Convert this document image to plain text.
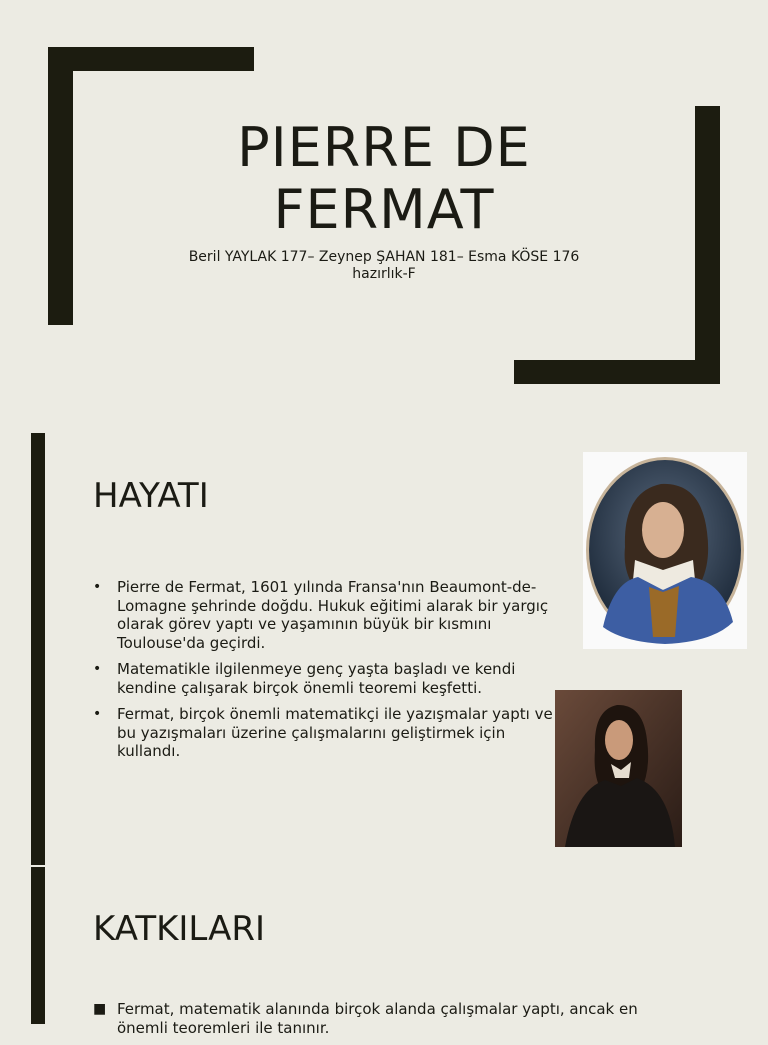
PIERRE DE
FERMAT

Beril YAYLAK 177– Zeynep ŞAHAN 181– Esma KÖSE 176
hazırlık-F

HAYATI
• Pierre de Fermat, 1601 yılında Fransa'nın Beaumont-de-Lomagne şehrinde doğdu. Hukuk eğitimi alarak bir yargıç olarak görev yaptı ve yaşamının büyük bir kısmını Toulouse'da geçirdi.
• Matematikle ilgilenmeye genç yaşta başladı ve kendi kendine çalışarak birçok önemli teoremi keşfetti.
• Fermat, birçok önemli matematikçi ile yazışmalar yaptı ve bu yazışmaları üzerine çalışmalarını geliştirmek için kullandı.
KATKILARI
■ Fermat, matematik alanında birçok alanda çalışmalar yaptı, ancak en önemli teoremleri ile tanınır.
